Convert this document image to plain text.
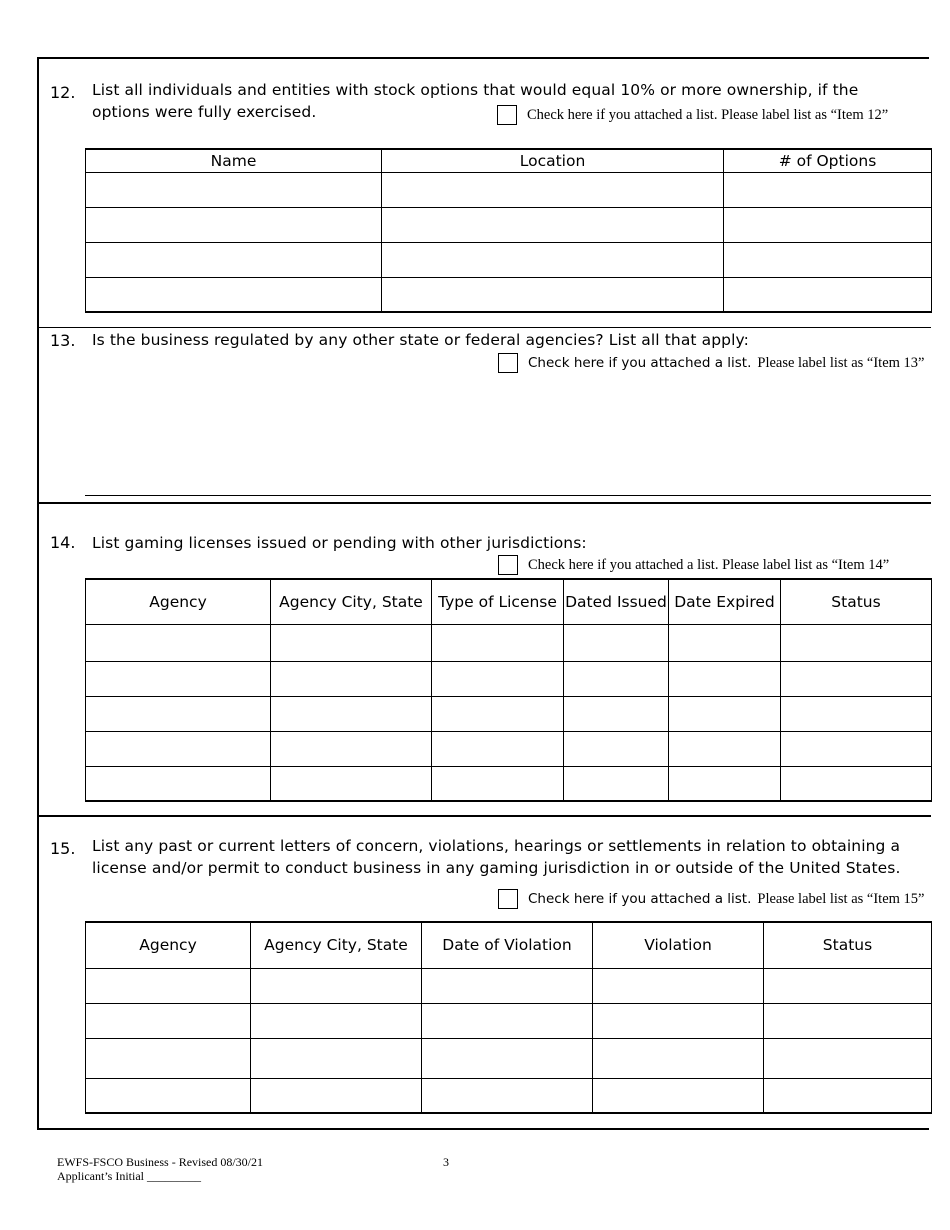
12. List all individuals and entities with stock options that would equal 10% or more ownership, if the options were fully exercised.	Check here if you attached a list. Please label list as “Item 12”
Name	Location	# of Options

13. Is the business regulated by any other state or federal agencies? List all that apply:
Check here if you attached a list. Please label list as “Item 13”
14. List gaming licenses issued or pending with other jurisdictions:
Check here if you attached a list. Please label list as “Item 14”
Agency	Agency City, State	Type of License	Dated Issued	Date Expired	Status

15. List any past or current letters of concern, violations, hearings or settlements in relation to obtaining a license and/or permit to conduct business in any gaming jurisdiction in or outside of the United States.
Check here if you attached a list. Please label list as “Item 15”
Agency	Agency City, State	Date of Violation	Violation	Status

EWFS-FSCO Business - Revised 08/30/21	3
Applicant’s Initial _________
